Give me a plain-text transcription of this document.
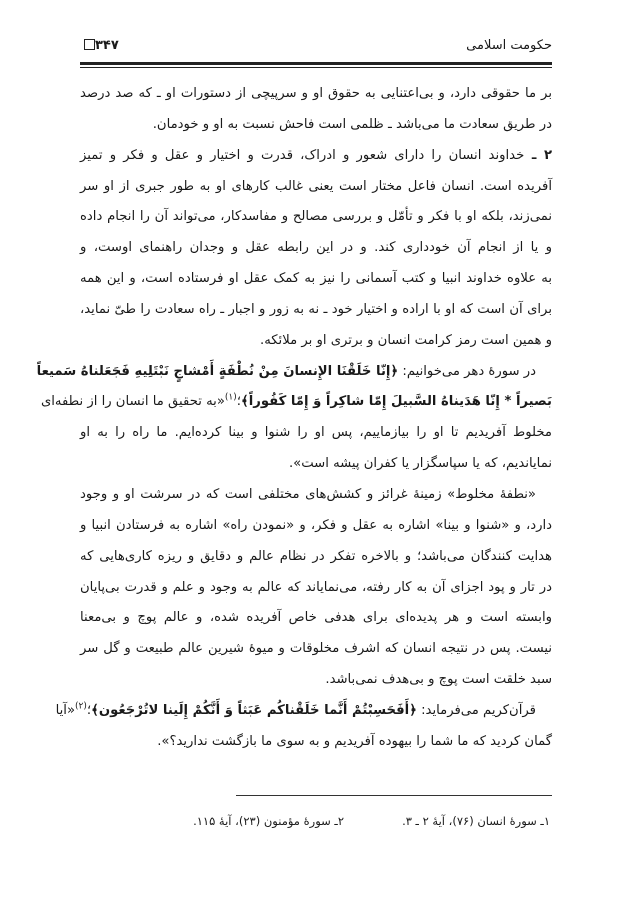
حکومت اسلامی
۳۴۷
بر ما حقوقی دارد، و بی‌اعتنایی به حقوق او و سرپیچی از دستورات او ـ که صد درصد
در طریق سعادت ما می‌باشد ـ ظلمی است فاحش نسبت به او و خودمان.
۲ ـ خداوند انسان را دارای شعور و ادراک، قدرت و اختیار و عقل و فکر و تمیز
آفریده است. انسان فاعل مختار است یعنی غالب کارهای او به طور جبری از او سر
نمی‌زند، بلکه او با فکر و تأمّل و بررسی مصالح و مفاسدکار، می‌تواند آن را انجام داده
و یا از انجام آن خودداری کند. و در این رابطه عقل و وجدان راهنمای اوست، و
به علاوه خداوند انبیا و کتب آسمانی را نیز به کمک عقل او فرستاده است، و این همه
برای آن است که او با اراده و اختیار خود ـ نه به زور و اجبار ـ راه سعادت را طیّ نماید،
و همین است رمز کرامت انسان و برتری او بر ملائکه.
در سورهٔ دهر می‌خوانیم: ﴿إِنّا خَلَقْنَا الإِنسانَ مِنْ نُطْفَةٍ أَمْشاجٍ نَبْتَلِيهِ فَجَعَلناهُ سَميعاً
بَصيراً * إِنّا هَدَيناهُ السَّبيلَ إِمّا شاكِراً وَ إِمّا كَفُوراً﴾؛$^{(۱)}$«به تحقیق ما انسان را از نطفه‌ای
مخلوط آفریدیم تا او را بیازماییم، پس او را شنوا و بینا کرده‌ایم. ما راه را به او
نمایاندیم، که یا سپاسگزار یا کفران پیشه است».
«نطفهٔ مخلوط» زمینهٔ غرائز و کشش‌های مختلفی است که در سرشت او و وجود
دارد، و «شنوا و بینا» اشاره به عقل و فکر، و «نمودن راه» اشاره به فرستادن انبیا و
هدایت کنندگان می‌باشد؛ و بالاخره تفکر در نظام عالم و دقایق و ریزه کاری‌هایی که
در تار و پود اجزای آن به کار رفته، می‌نمایاند که عالم به وجود و علم و قدرت بی‌پایان
وابسته است و هر پدیده‌ای برای هدفی خاص آفریده شده، و عالم پوچ و بی‌معنا
نیست. پس در نتیجه انسان که اشرف مخلوقات و میوهٔ شیرین عالم طبیعت و گل سر
سبد خلقت است پوچ و بی‌هدف نمی‌باشد.
قرآن‌کریم می‌فرماید: ﴿أَفَحَسِبْتُمْ أَنَّما خَلَقْناكُم عَبَثاً وَ أَنَّكُمْ إِلَينا لاتُرْجَعُون﴾؛$^{(۲)}$«آیا
گمان کردید که ما شما را بیهوده آفریدیم و به سوی ما بازگشت ندارید؟».
۱ـ سورهٔ انسان (۷۶)، آیهٔ ۲ ـ ۳.
۲ـ سورهٔ مؤمنون (۲۳)، آیهٔ ۱۱۵.
